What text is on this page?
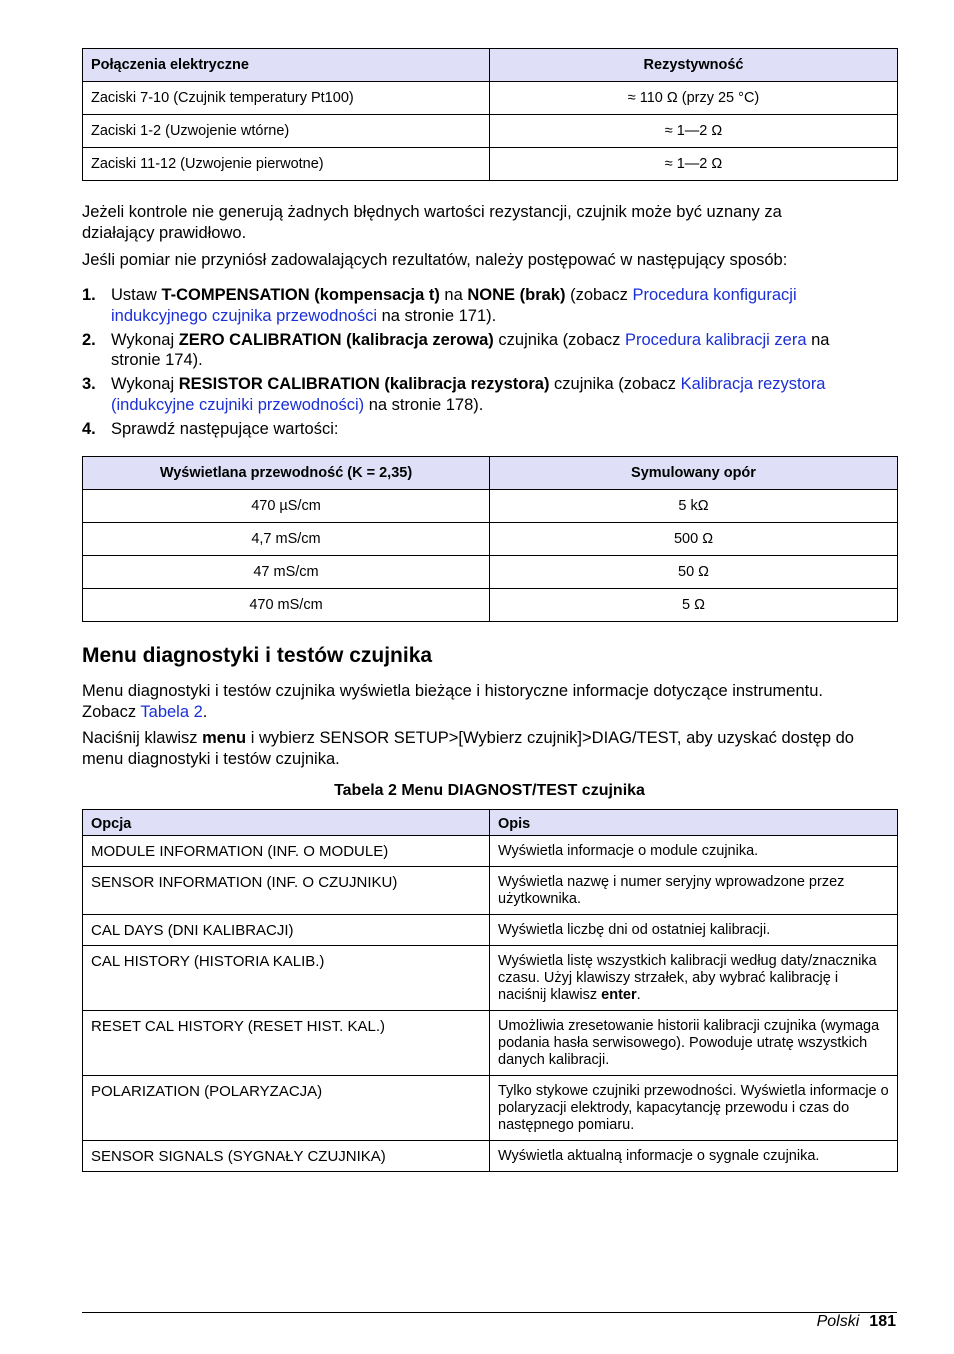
Połączenia elektryczne	Rezystywność
Zaciski 7-10 (Czujnik temperatury Pt100)	≈ 110 Ω (przy 25 °C)
Zaciski 1-2 (Uzwojenie wtórne)	≈ 1—2 Ω
Zaciski 11-12 (Uzwojenie pierwotne)	≈ 1—2 Ω

Jeżeli kontrole nie generują żadnych błędnych wartości rezystancji, czujnik może być uznany za działający prawidłowo.

Jeśli pomiar nie przyniósł zadowalających rezultatów, należy postępować w następujący sposób:

1. Ustaw T-COMPENSATION (kompensacja t) na NONE (brak) (zobacz Procedura konfiguracji indukcyjnego czujnika przewodności na stronie 171).
2. Wykonaj ZERO CALIBRATION (kalibracja zerowa) czujnika (zobacz Procedura kalibracji zera na stronie 174).
3. Wykonaj RESISTOR CALIBRATION (kalibracja rezystora) czujnika (zobacz Kalibracja rezystora (indukcyjne czujniki przewodności) na stronie 178).
4. Sprawdź następujące wartości:
Wyświetlana przewodność (K = 2,35)	Symulowany opór
470 µS/cm	5 kΩ
4,7 mS/cm	500 Ω
47 mS/cm	50 Ω
470 mS/cm	5 Ω
Menu diagnostyki i testów czujnika

Menu diagnostyki i testów czujnika wyświetla bieżące i historyczne informacje dotyczące instrumentu. Zobacz Tabela 2.

Naciśnij klawisz menu i wybierz SENSOR SETUP>[Wybierz czujnik]>DIAG/TEST, aby uzyskać dostęp do menu diagnostyki i testów czujnika.

Tabela 2 Menu DIAGNOST/TEST czujnika
Opcja	Opis
MODULE INFORMATION (INF. O MODULE)	Wyświetla informacje o module czujnika.
SENSOR INFORMATION (INF. O CZUJNIKU)	Wyświetla nazwę i numer seryjny wprowadzone przez użytkownika.
CAL DAYS (DNI KALIBRACJI)	Wyświetla liczbę dni od ostatniej kalibracji.
CAL HISTORY (HISTORIA KALIB.)	Wyświetla listę wszystkich kalibracji według daty/znacznika czasu. Użyj klawiszy strzałek, aby wybrać kalibrację i naciśnij klawisz enter.
RESET CAL HISTORY (RESET HIST. KAL.)	Umożliwia zresetowanie historii kalibracji czujnika (wymaga podania hasła serwisowego). Powoduje utratę wszystkich danych kalibracji.
POLARIZATION (POLARYZACJA)	Tylko stykowe czujniki przewodności. Wyświetla informacje o polaryzacji elektrody, kapacytancję przewodu i czas do następnego pomiaru.
SENSOR SIGNALS (SYGNAŁY CZUJNIKA)	Wyświetla aktualną informacje o sygnale czujnika.
Polski 181
